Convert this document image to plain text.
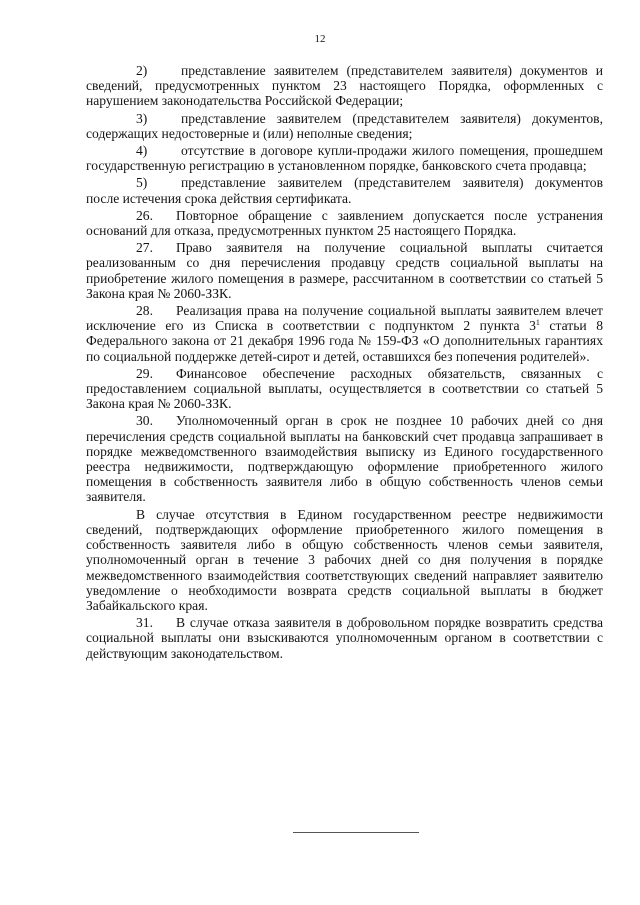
12

2) представление заявителем (представителем заявителя) документов и сведений, предусмотренных пунктом 23 настоящего Порядка, оформленных с нарушением законодательства Российской Федерации;

3) представление заявителем (представителем заявителя) документов, содержащих недостоверные и (или) неполные сведения;

4) отсутствие в договоре купли-продажи жилого помещения, прошедшем государственную регистрацию в установленном порядке, банковского счета продавца;

5) представление заявителем (представителем заявителя) документов после истечения срока действия сертификата.

26. Повторное обращение с заявлением допускается после устранения оснований для отказа, предусмотренных пунктом 25 настоящего Порядка.

27. Право заявителя на получение социальной выплаты считается реализованным со дня перечисления продавцу средств социальной выплаты на приобретение жилого помещения в размере, рассчитанном в соответствии со статьей 5 Закона края № 2060-ЗЗК.

28. Реализация права на получение социальной выплаты заявителем влечет исключение его из Списка в соответствии с подпунктом 2 пункта $3^1$ статьи 8 Федерального закона от 21 декабря 1996 года № 159-ФЗ «О дополнительных гарантиях по социальной поддержке детей-сирот и детей, оставшихся без попечения родителей».

29. Финансовое обеспечение расходных обязательств, связанных с предоставлением социальной выплаты, осуществляется в соответствии со статьей 5 Закона края № 2060-ЗЗК.

30. Уполномоченный орган в срок не позднее 10 рабочих дней со дня перечисления средств социальной выплаты на банковский счет продавца запрашивает в порядке межведомственного взаимодействия выписку из Единого государственного реестра недвижимости, подтверждающую оформление приобретенного жилого помещения в собственность заявителя либо в общую собственность членов семьи заявителя.

В случае отсутствия в Едином государственном реестре недвижимости сведений, подтверждающих оформление приобретенного жилого помещения в собственность заявителя либо в общую собственность членов семьи заявителя, уполномоченный орган в течение 3 рабочих дней со дня получения в порядке межведомственного взаимодействия соответствующих сведений направляет заявителю уведомление о необходимости возврата средств социальной выплаты в бюджет Забайкальского края.

31. В случае отказа заявителя в добровольном порядке возвратить средства социальной выплаты они взыскиваются уполномоченным органом в соответствии с действующим законодательством.
